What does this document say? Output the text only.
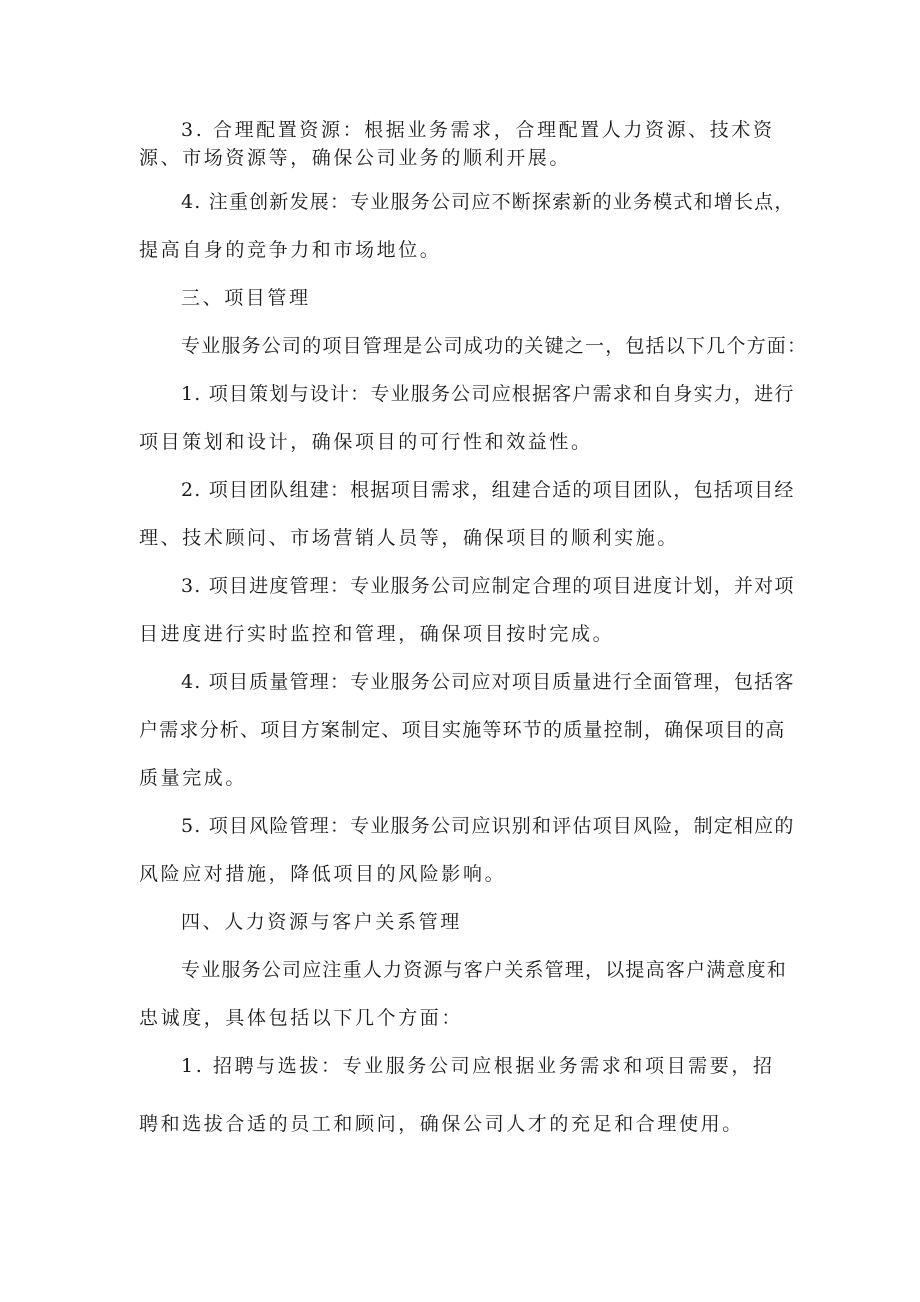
3. 合理配置资源：根据业务需求，合理配置人力资源、技术资
源、市场资源等，确保公司业务的顺利开展。
4. 注重创新发展：专业服务公司应不断探索新的业务模式和增长点，
提高自身的竞争力和市场地位。
三、项目管理
专业服务公司的项目管理是公司成功的关键之一，包括以下几个方面：
1. 项目策划与设计：专业服务公司应根据客户需求和自身实力，进行
项目策划和设计，确保项目的可行性和效益性。
2. 项目团队组建：根据项目需求，组建合适的项目团队，包括项目经
理、技术顾问、市场营销人员等，确保项目的顺利实施。
3. 项目进度管理：专业服务公司应制定合理的项目进度计划，并对项
目进度进行实时监控和管理，确保项目按时完成。
4. 项目质量管理：专业服务公司应对项目质量进行全面管理，包括客
户需求分析、项目方案制定、项目实施等环节的质量控制，确保项目的高
质量完成。
5. 项目风险管理：专业服务公司应识别和评估项目风险，制定相应的
风险应对措施，降低项目的风险影响。
四、人力资源与客户关系管理
专业服务公司应注重人力资源与客户关系管理，以提高客户满意度和
忠诚度，具体包括以下几个方面：
1. 招聘与选拔：专业服务公司应根据业务需求和项目需要，招
聘和选拔合适的员工和顾问，确保公司人才的充足和合理使用。
